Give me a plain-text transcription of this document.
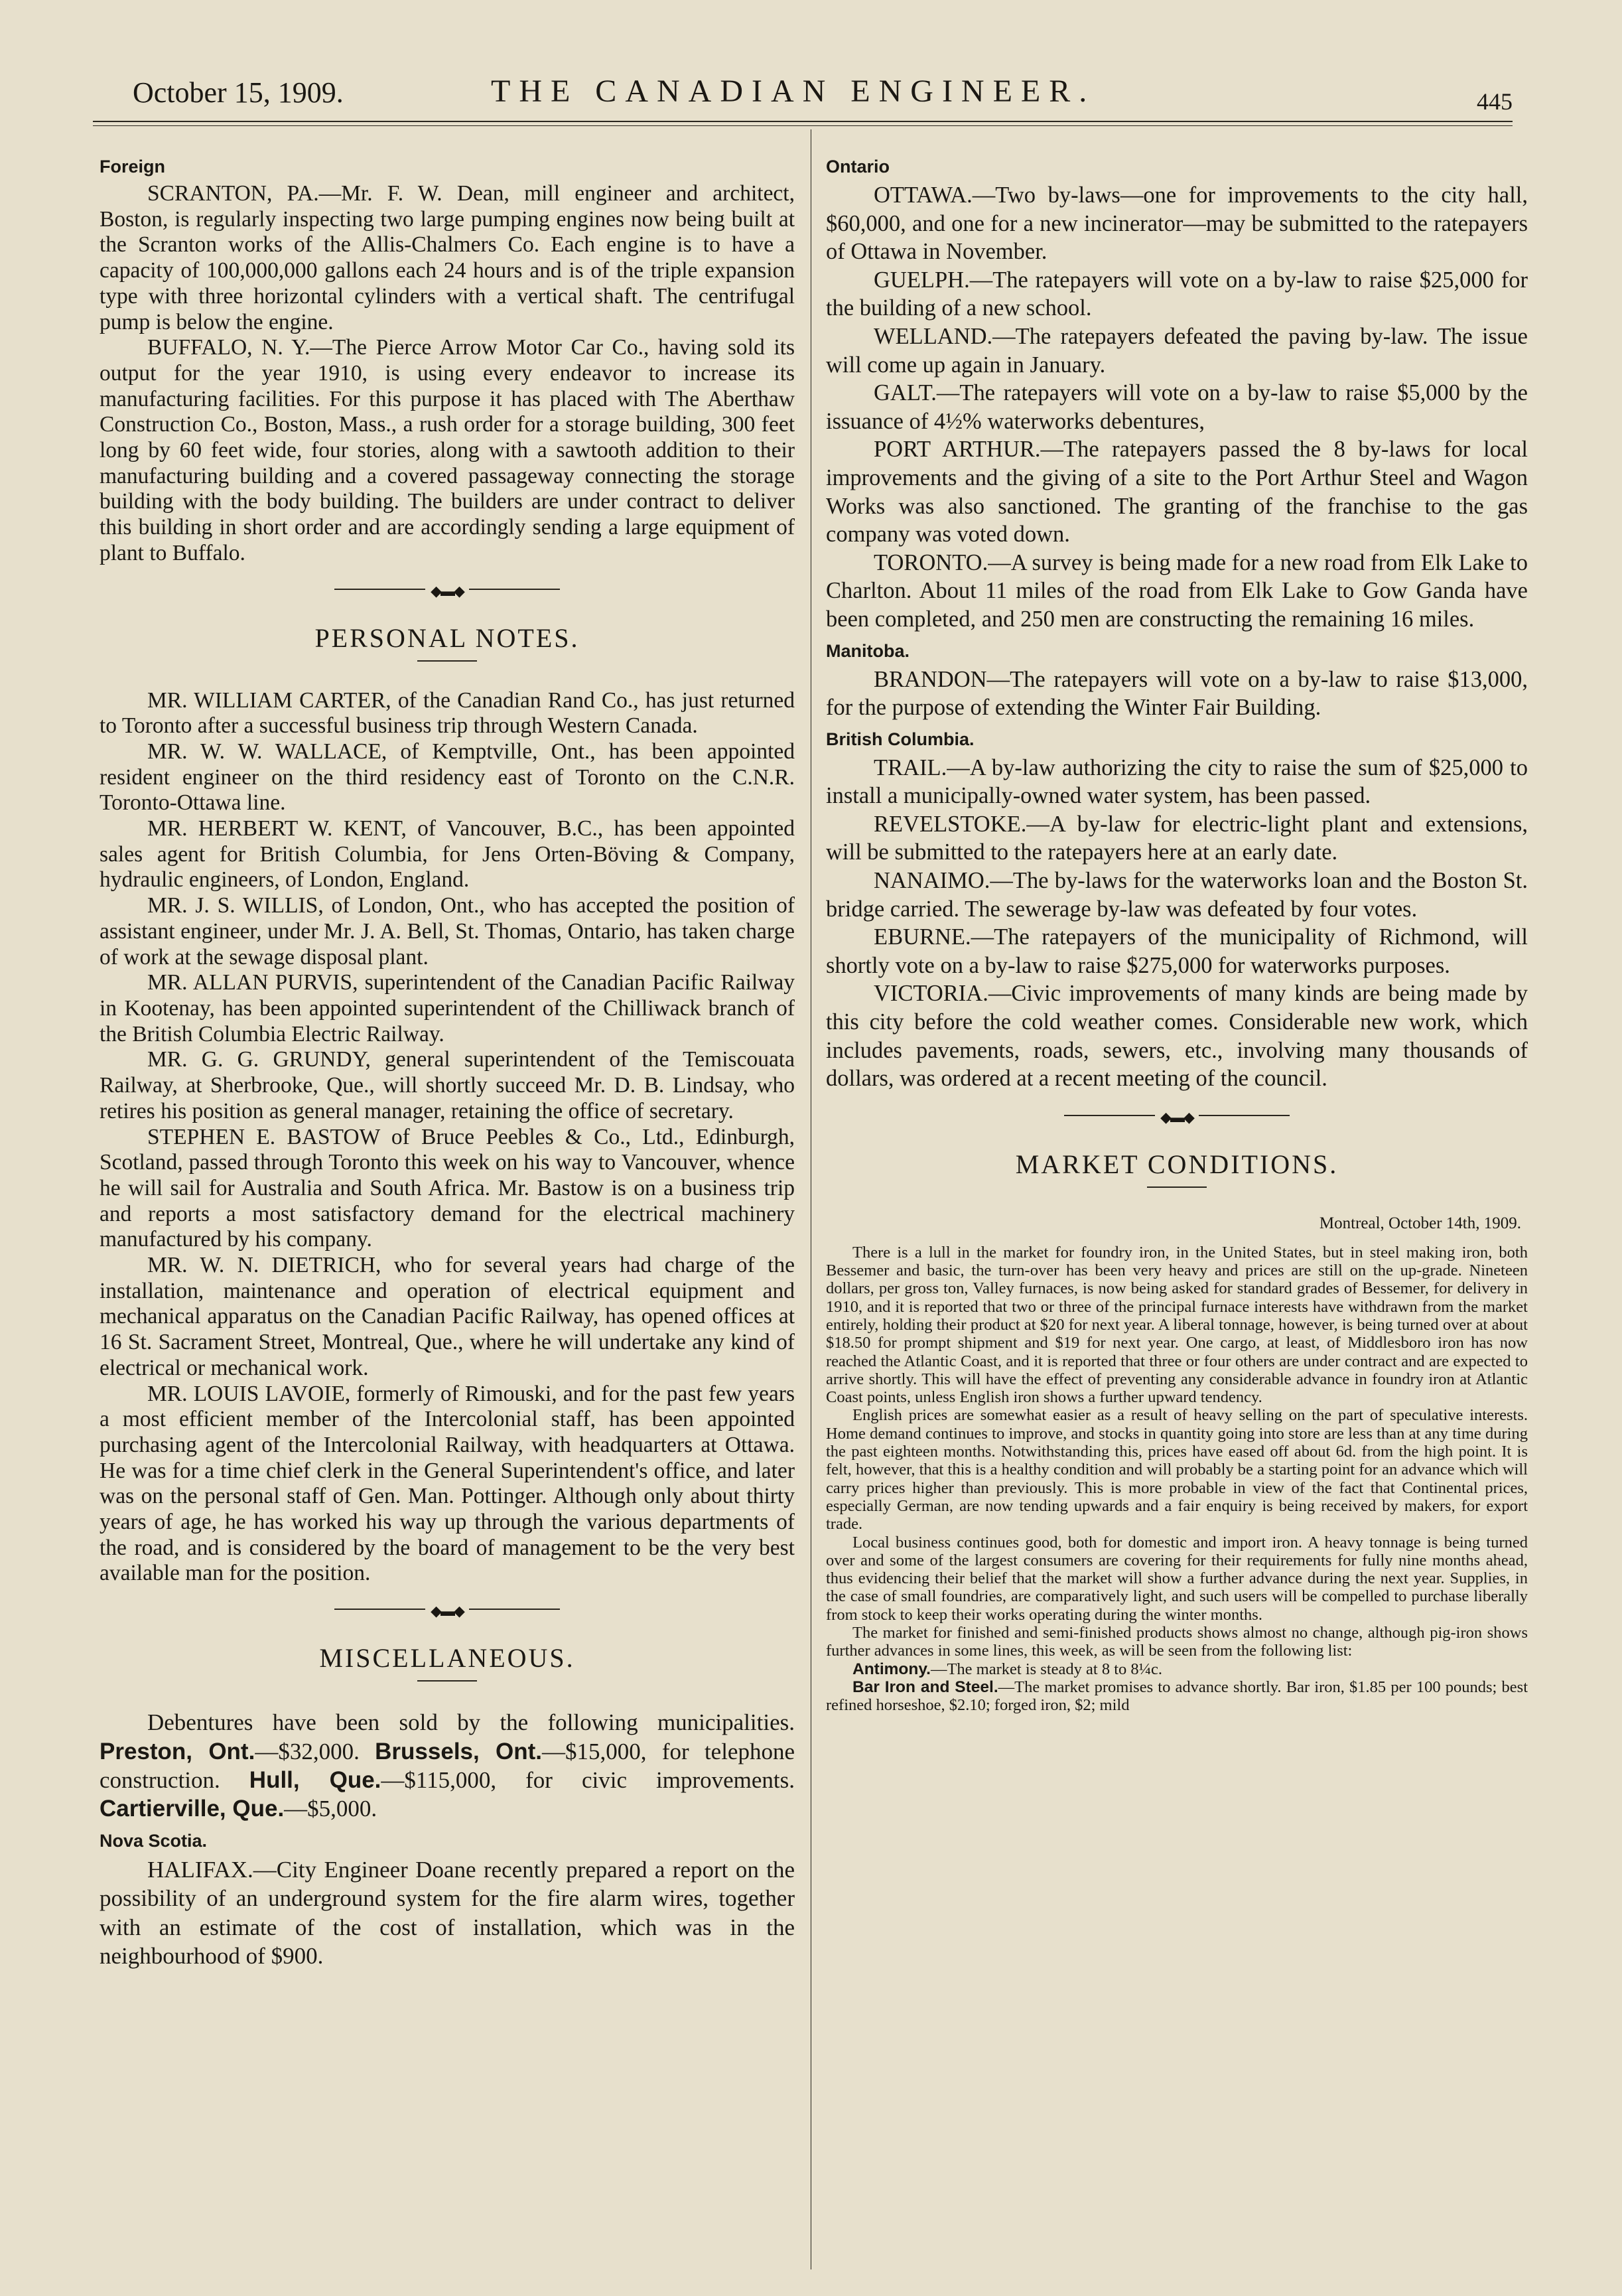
October 15, 1909.	THE CANADIAN ENGINEER.	445
Foreign

SCRANTON, PA.—Mr. F. W. Dean, mill engineer and architect, Boston, is regularly inspecting two large pumping engines now being built at the Scranton works of the Allis-Chalmers Co. Each engine is to have a capacity of 100,000,000 gallons each 24 hours and is of the triple expansion type with three horizontal cylinders with a vertical shaft. The centrifugal pump is below the engine.

BUFFALO, N. Y.—The Pierce Arrow Motor Car Co., having sold its output for the year 1910, is using every endeavor to increase its manufacturing facilities. For this purpose it has placed with The Aberthaw Construction Co., Boston, Mass., a rush order for a storage building, 300 feet long by 60 feet wide, four stories, along with a sawtooth addition to their manufacturing building and a covered passageway connecting the storage building with the body building. The builders are under contract to deliver this building in short order and are accordingly sending a large equipment of plant to Buffalo.

◆▬◆
PERSONAL NOTES.

MR. WILLIAM CARTER, of the Canadian Rand Co., has just returned to Toronto after a successful business trip through Western Canada.

MR. W. W. WALLACE, of Kemptville, Ont., has been appointed resident engineer on the third residency east of Toronto on the C.N.R. Toronto-Ottawa line.

MR. HERBERT W. KENT, of Vancouver, B.C., has been appointed sales agent for British Columbia, for Jens Orten-Böving & Company, hydraulic engineers, of London, England.

MR. J. S. WILLIS, of London, Ont., who has accepted the position of assistant engineer, under Mr. J. A. Bell, St. Thomas, Ontario, has taken charge of work at the sewage disposal plant.

MR. ALLAN PURVIS, superintendent of the Canadian Pacific Railway in Kootenay, has been appointed superintendent of the Chilliwack branch of the British Columbia Electric Railway.

MR. G. G. GRUNDY, general superintendent of the Temiscouata Railway, at Sherbrooke, Que., will shortly succeed Mr. D. B. Lindsay, who retires his position as general manager, retaining the office of secretary.

STEPHEN E. BASTOW of Bruce Peebles & Co., Ltd., Edinburgh, Scotland, passed through Toronto this week on his way to Vancouver, whence he will sail for Australia and South Africa. Mr. Bastow is on a business trip and reports a most satisfactory demand for the electrical machinery manufactured by his company.

MR. W. N. DIETRICH, who for several years had charge of the installation, maintenance and operation of electrical equipment and mechanical apparatus on the Canadian Pacific Railway, has opened offices at 16 St. Sacrament Street, Montreal, Que., where he will undertake any kind of electrical or mechanical work.

MR. LOUIS LAVOIE, formerly of Rimouski, and for the past few years a most efficient member of the Intercolonial staff, has been appointed purchasing agent of the Intercolonial Railway, with headquarters at Ottawa. He was for a time chief clerk in the General Superintendent's office, and later was on the personal staff of Gen. Man. Pottinger. Although only about thirty years of age, he has worked his way up through the various departments of the road, and is considered by the board of management to be the very best available man for the position.

◆▬◆
MISCELLANEOUS.

Debentures have been sold by the following municipalities. Preston, Ont.—$32,000. Brussels, Ont.—$15,000, for telephone construction. Hull, Que.—$115,000, for civic improvements. Cartierville, Que.—$5,000.

Nova Scotia.

HALIFAX.—City Engineer Doane recently prepared a report on the possibility of an underground system for the fire alarm wires, together with an estimate of the cost of installation, which was in the neighbourhood of $900.

Ontario

OTTAWA.—Two by-laws—one for improvements to the city hall, $60,000, and one for a new incinerator—may be submitted to the ratepayers of Ottawa in November.

GUELPH.—The ratepayers will vote on a by-law to raise $25,000 for the building of a new school.

WELLAND.—The ratepayers defeated the paving by-law. The issue will come up again in January.

GALT.—The ratepayers will vote on a by-law to raise $5,000 by the issuance of 4½% waterworks debentures,

PORT ARTHUR.—The ratepayers passed the 8 by-laws for local improvements and the giving of a site to the Port Arthur Steel and Wagon Works was also sanctioned. The granting of the franchise to the gas company was voted down.

TORONTO.—A survey is being made for a new road from Elk Lake to Charlton. About 11 miles of the road from Elk Lake to Gow Ganda have been completed, and 250 men are constructing the remaining 16 miles.

Manitoba.

BRANDON—The ratepayers will vote on a by-law to raise $13,000, for the purpose of extending the Winter Fair Building.

British Columbia.

TRAIL.—A by-law authorizing the city to raise the sum of $25,000 to install a municipally-owned water system, has been passed.

REVELSTOKE.—A by-law for electric-light plant and extensions, will be submitted to the ratepayers here at an early date.

NANAIMO.—The by-laws for the waterworks loan and the Boston St. bridge carried. The sewerage by-law was defeated by four votes.

EBURNE.—The ratepayers of the municipality of Richmond, will shortly vote on a by-law to raise $275,000 for waterworks purposes.

VICTORIA.—Civic improvements of many kinds are being made by this city before the cold weather comes. Considerable new work, which includes pavements, roads, sewers, etc., involving many thousands of dollars, was ordered at a recent meeting of the council.

◆▬◆
MARKET CONDITIONS.
Montreal, October 14th, 1909.

There is a lull in the market for foundry iron, in the United States, but in steel making iron, both Bessemer and basic, the turn-over has been very heavy and prices are still on the up-grade. Nineteen dollars, per gross ton, Valley furnaces, is now being asked for standard grades of Bessemer, for delivery in 1910, and it is reported that two or three of the principal furnace interests have withdrawn from the market entirely, holding their product at $20 for next year. A liberal tonnage, however, is being turned over at about $18.50 for prompt shipment and $19 for next year. One cargo, at least, of Middlesboro iron has now reached the Atlantic Coast, and it is reported that three or four others are under contract and are expected to arrive shortly. This will have the effect of preventing any considerable advance in foundry iron at Atlantic Coast points, unless English iron shows a further upward tendency.

English prices are somewhat easier as a result of heavy selling on the part of speculative interests. Home demand continues to improve, and stocks in quantity going into store are less than at any time during the past eighteen months. Notwithstanding this, prices have eased off about 6d. from the high point. It is felt, however, that this is a healthy condition and will probably be a starting point for an advance which will carry prices higher than previously. This is more probable in view of the fact that Continental prices, especially German, are now tending upwards and a fair enquiry is being received by makers, for export trade.

Local business continues good, both for domestic and import iron. A heavy tonnage is being turned over and some of the largest consumers are covering for their requirements for fully nine months ahead, thus evidencing their belief that the market will show a further advance during the next year. Supplies, in the case of small foundries, are comparatively light, and such users will be compelled to purchase liberally from stock to keep their works operating during the winter months.

The market for finished and semi-finished products shows almost no change, although pig-iron shows further advances in some lines, this week, as will be seen from the following list:

Antimony.—The market is steady at 8 to 8¼c.

Bar Iron and Steel.—The market promises to advance shortly. Bar iron, $1.85 per 100 pounds; best refined horseshoe, $2.10; forged iron, $2; mild
